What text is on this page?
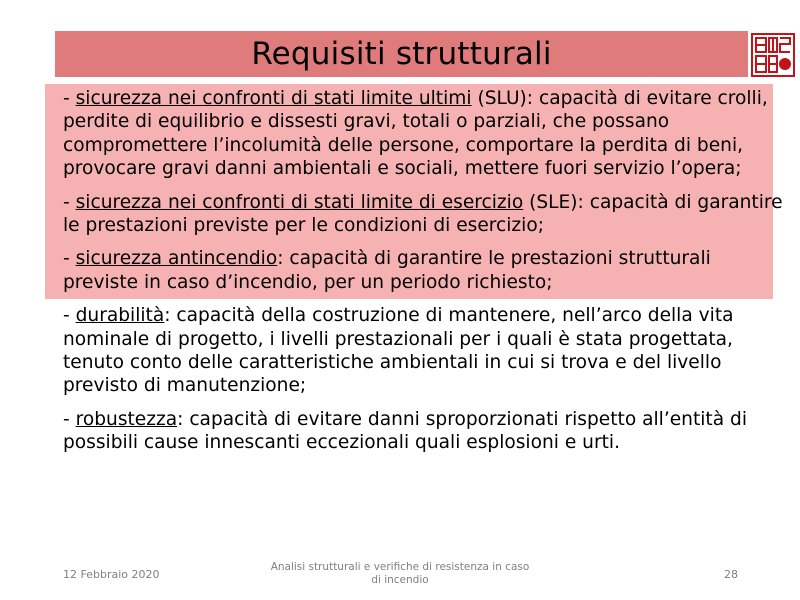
Requisiti strutturali

- sicurezza nei confronti di stati limite ultimi (SLU): capacità di evitare crolli, perdite di equilibrio e dissesti gravi, totali o parziali, che possano compromettere l’incolumità delle persone, comportare la perdita di beni, provocare gravi danni ambientali e sociali, mettere fuori servizio l’opera;

- sicurezza nei confronti di stati limite di esercizio (SLE): capacità di garantire le prestazioni previste per le condizioni di esercizio;

- sicurezza antincendio: capacità di garantire le prestazioni strutturali previste in caso d’incendio, per un periodo richiesto;

- durabilità: capacità della costruzione di mantenere, nell’arco della vita nominale di progetto, i livelli prestazionali per i quali è stata progettata, tenuto conto delle caratteristiche ambientali in cui si trova e del livello previsto di manutenzione;

- robustezza: capacità di evitare danni sproporzionati rispetto all’entità di possibili cause innescanti eccezionali quali esplosioni e urti.

12 Febbraio 2020
Analisi strutturali e verifiche di resistenza in caso di incendio	28
